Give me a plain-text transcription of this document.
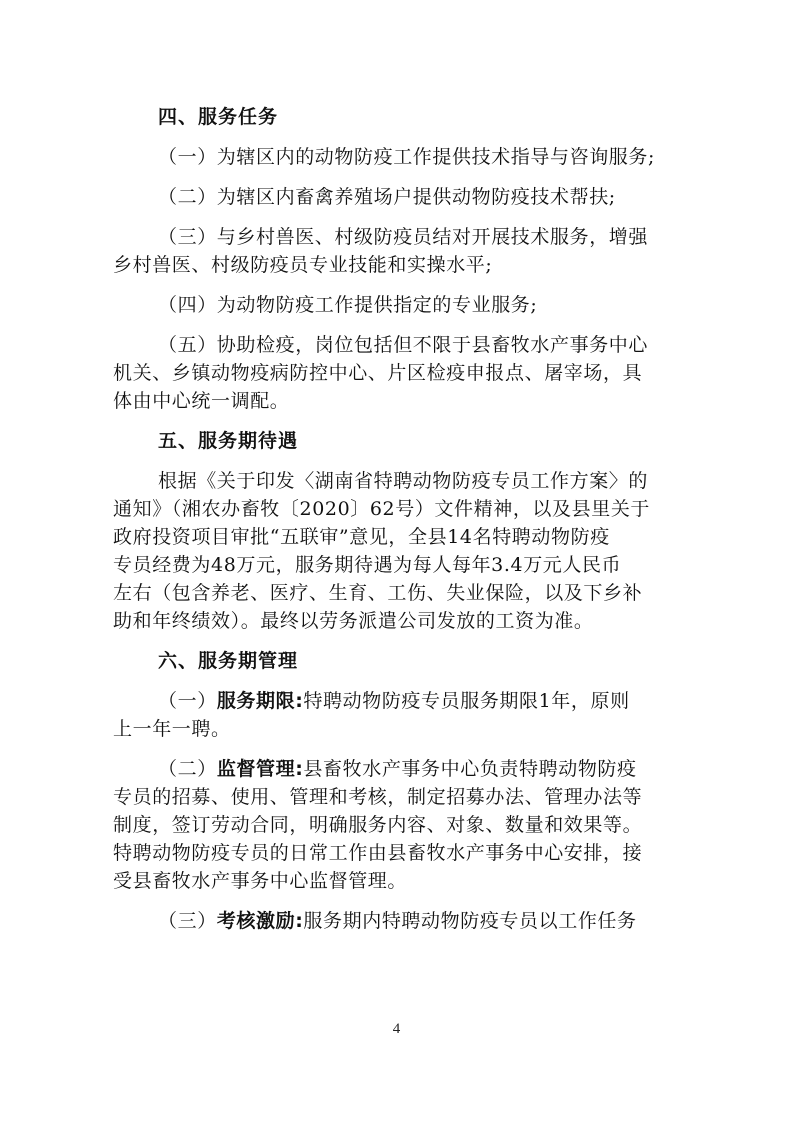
四、服务任务
（一）为辖区内的动物防疫工作提供技术指导与咨询服务;
（二）为辖区内畜禽养殖场户提供动物防疫技术帮扶;
（三）与乡村兽医、村级防疫员结对开展技术服务，增强
乡村兽医、村级防疫员专业技能和实操水平;
（四）为动物防疫工作提供指定的专业服务;
（五）协助检疫，岗位包括但不限于县畜牧水产事务中心
机关、乡镇动物疫病防控中心、片区检疫申报点、屠宰场，具
体由中心统一调配。
五、服务期待遇
根据《关于印发〈湖南省特聘动物防疫专员工作方案〉的
通知》（湘农办畜牧〔2020〕62号）文件精神，以及县里关于
政府投资项目审批“五联审”意见，全县14名特聘动物防疫
专员经费为48万元，服务期待遇为每人每年3.4万元人民币
左右（包含养老、医疗、生育、工伤、失业保险，以及下乡补
助和年终绩效）。最终以劳务派遣公司发放的工资为准。
六、服务期管理
（一）服务期限:特聘动物防疫专员服务期限1年，原则
上一年一聘。
（二）监督管理:县畜牧水产事务中心负责特聘动物防疫
专员的招募、使用、管理和考核，制定招募办法、管理办法等
制度，签订劳动合同，明确服务内容、对象、数量和效果等。
特聘动物防疫专员的日常工作由县畜牧水产事务中心安排，接
受县畜牧水产事务中心监督管理。
（三）考核激励:服务期内特聘动物防疫专员以工作任务
4
